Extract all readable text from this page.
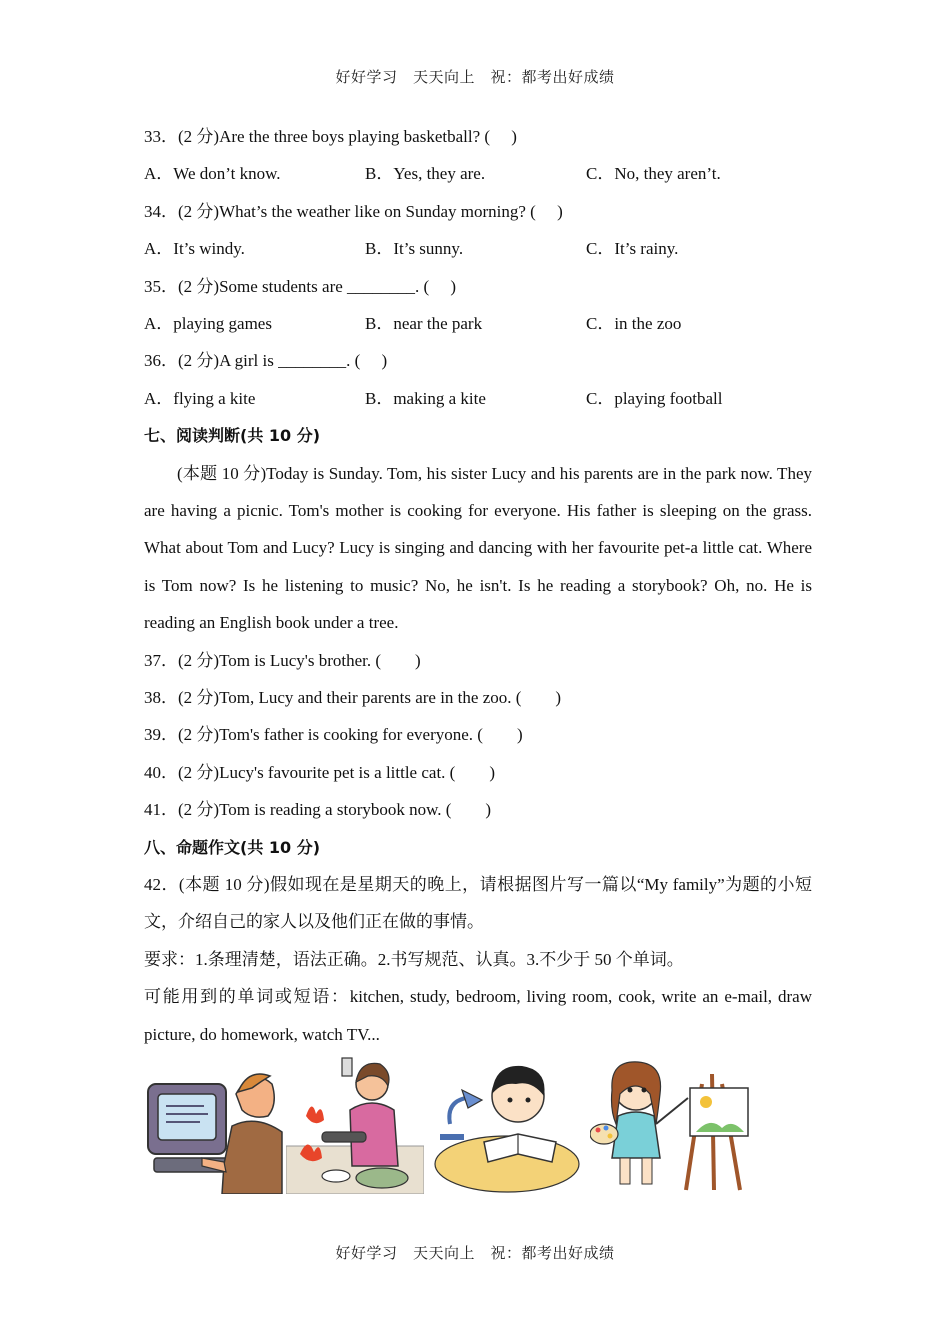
好好学习　天天向上　祝：都考出好成绩
33．(2 分)Are the three boys playing basketball? (　 )
A．We don’t know.	B．Yes, they are.	C．No, they aren’t.
34．(2 分)What’s the weather like on Sunday morning? (　 )
A．It’s windy.	B．It’s sunny.	C．It’s rainy.
35．(2 分)Some students are ________. (　 )
A．playing games	B．near the park	C．in the zoo
36．(2 分)A girl is ________. (　 )
A．flying a kite	B．making a kite	C．playing football
七、阅读判断(共 10 分)
(本题 10 分)Today is Sunday. Tom, his sister Lucy and his parents are in the park now. They are having a picnic. Tom's mother is cooking for everyone. His father is sleeping on the grass. What about Tom and Lucy? Lucy is singing and dancing with her favourite pet-a little cat. Where is Tom now? Is he listening to music? No, he isn't. Is he reading a storybook? Oh, no. He is reading an English book under a tree.
37．(2 分)Tom is Lucy's brother. (　　)
38．(2 分)Tom, Lucy and their parents are in the zoo. (　　)
39．(2 分)Tom's father is cooking for everyone. (　　)
40．(2 分)Lucy's favourite pet is a little cat. (　　)
41．(2 分)Tom is reading a storybook now. (　　)
八、命题作文(共 10 分)
42．(本题 10 分)假如现在是星期天的晚上，请根据图片写一篇以“My family”为题的小短文，介绍自己的家人以及他们正在做的事情。
要求：1.条理清楚，语法正确。2.书写规范、认真。3.不少于 50 个单词。
可能用到的单词或短语：kitchen, study, bedroom, living room, cook, write an e-mail, draw picture, do homework, watch TV...
好好学习　天天向上　祝：都考出好成绩
